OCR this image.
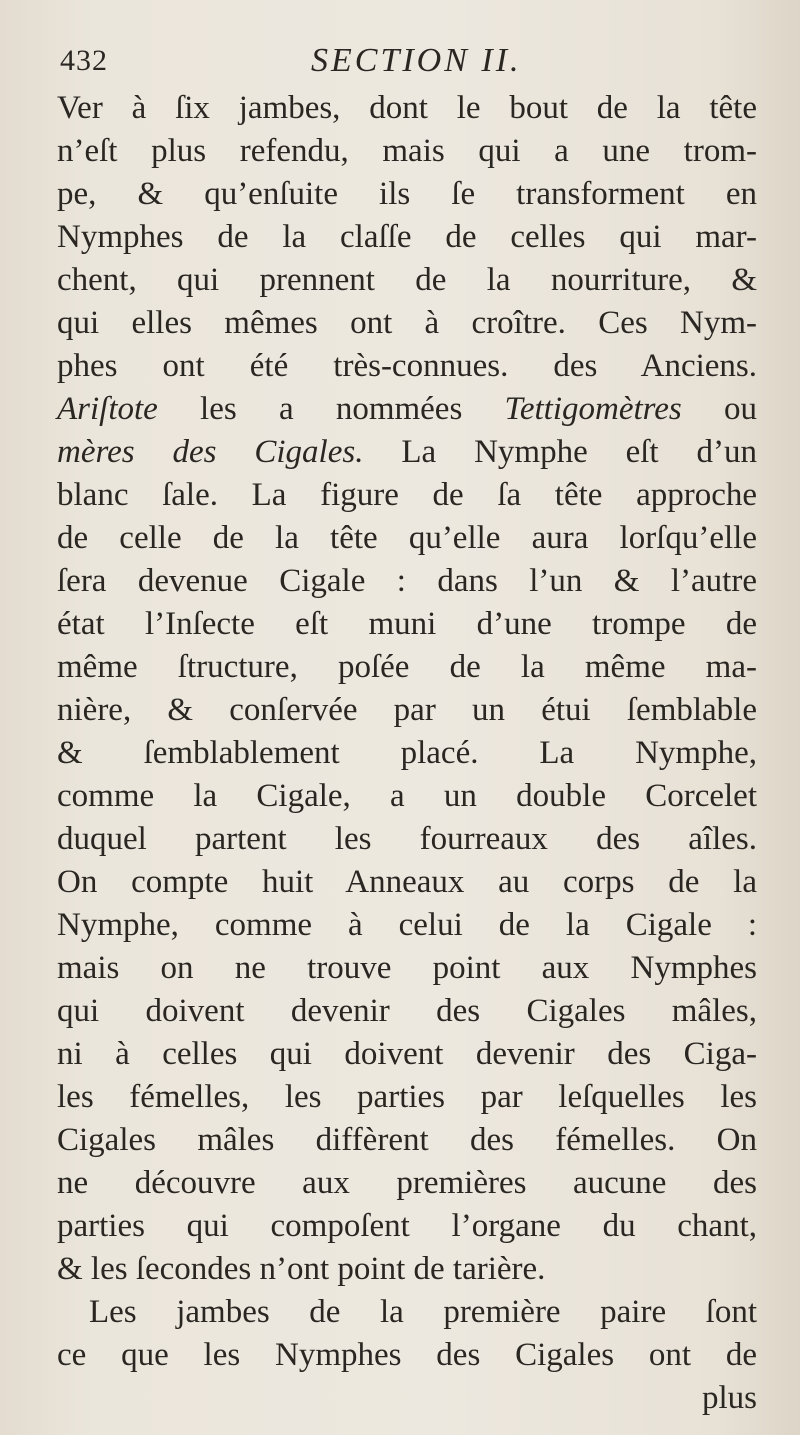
432	SECTION II.
Ver à ſix jambes, dont le bout de la tête
n’eſt plus refendu, mais qui a une trom-
pe, & qu’enſuite ils ſe transforment en
Nymphes de la claſſe de celles qui mar-
chent, qui prennent de la nourriture, &
qui elles mêmes ont à croître. Ces Nym-
phes ont été très-connues. des Anciens.
Ariſtote les a nommées Tettigomètres ou
mères des Cigales. La Nymphe eſt d’un
blanc ſale. La figure de ſa tête approche
de celle de la tête qu’elle aura lorſqu’elle
ſera devenue Cigale : dans l’un & l’autre
état l’Inſecte eſt muni d’une trompe de
même ſtructure, poſée de la même ma-
nière, & conſervée par un étui ſemblable
& ſemblablement placé. La Nymphe,
comme la Cigale, a un double Corcelet
duquel partent les fourreaux des aîles.
On compte huit Anneaux au corps de la
Nymphe, comme à celui de la Cigale :
mais on ne trouve point aux Nymphes
qui doivent devenir des Cigales mâles,
ni à celles qui doivent devenir des Ciga-
les fémelles, les parties par leſquelles les
Cigales mâles diffèrent des fémelles. On
ne découvre aux premières aucune des
parties qui compoſent l’organe du chant,
& les ſecondes n’ont point de tarière.
Les jambes de la première paire ſont
ce que les Nymphes des Cigales ont de
plus
